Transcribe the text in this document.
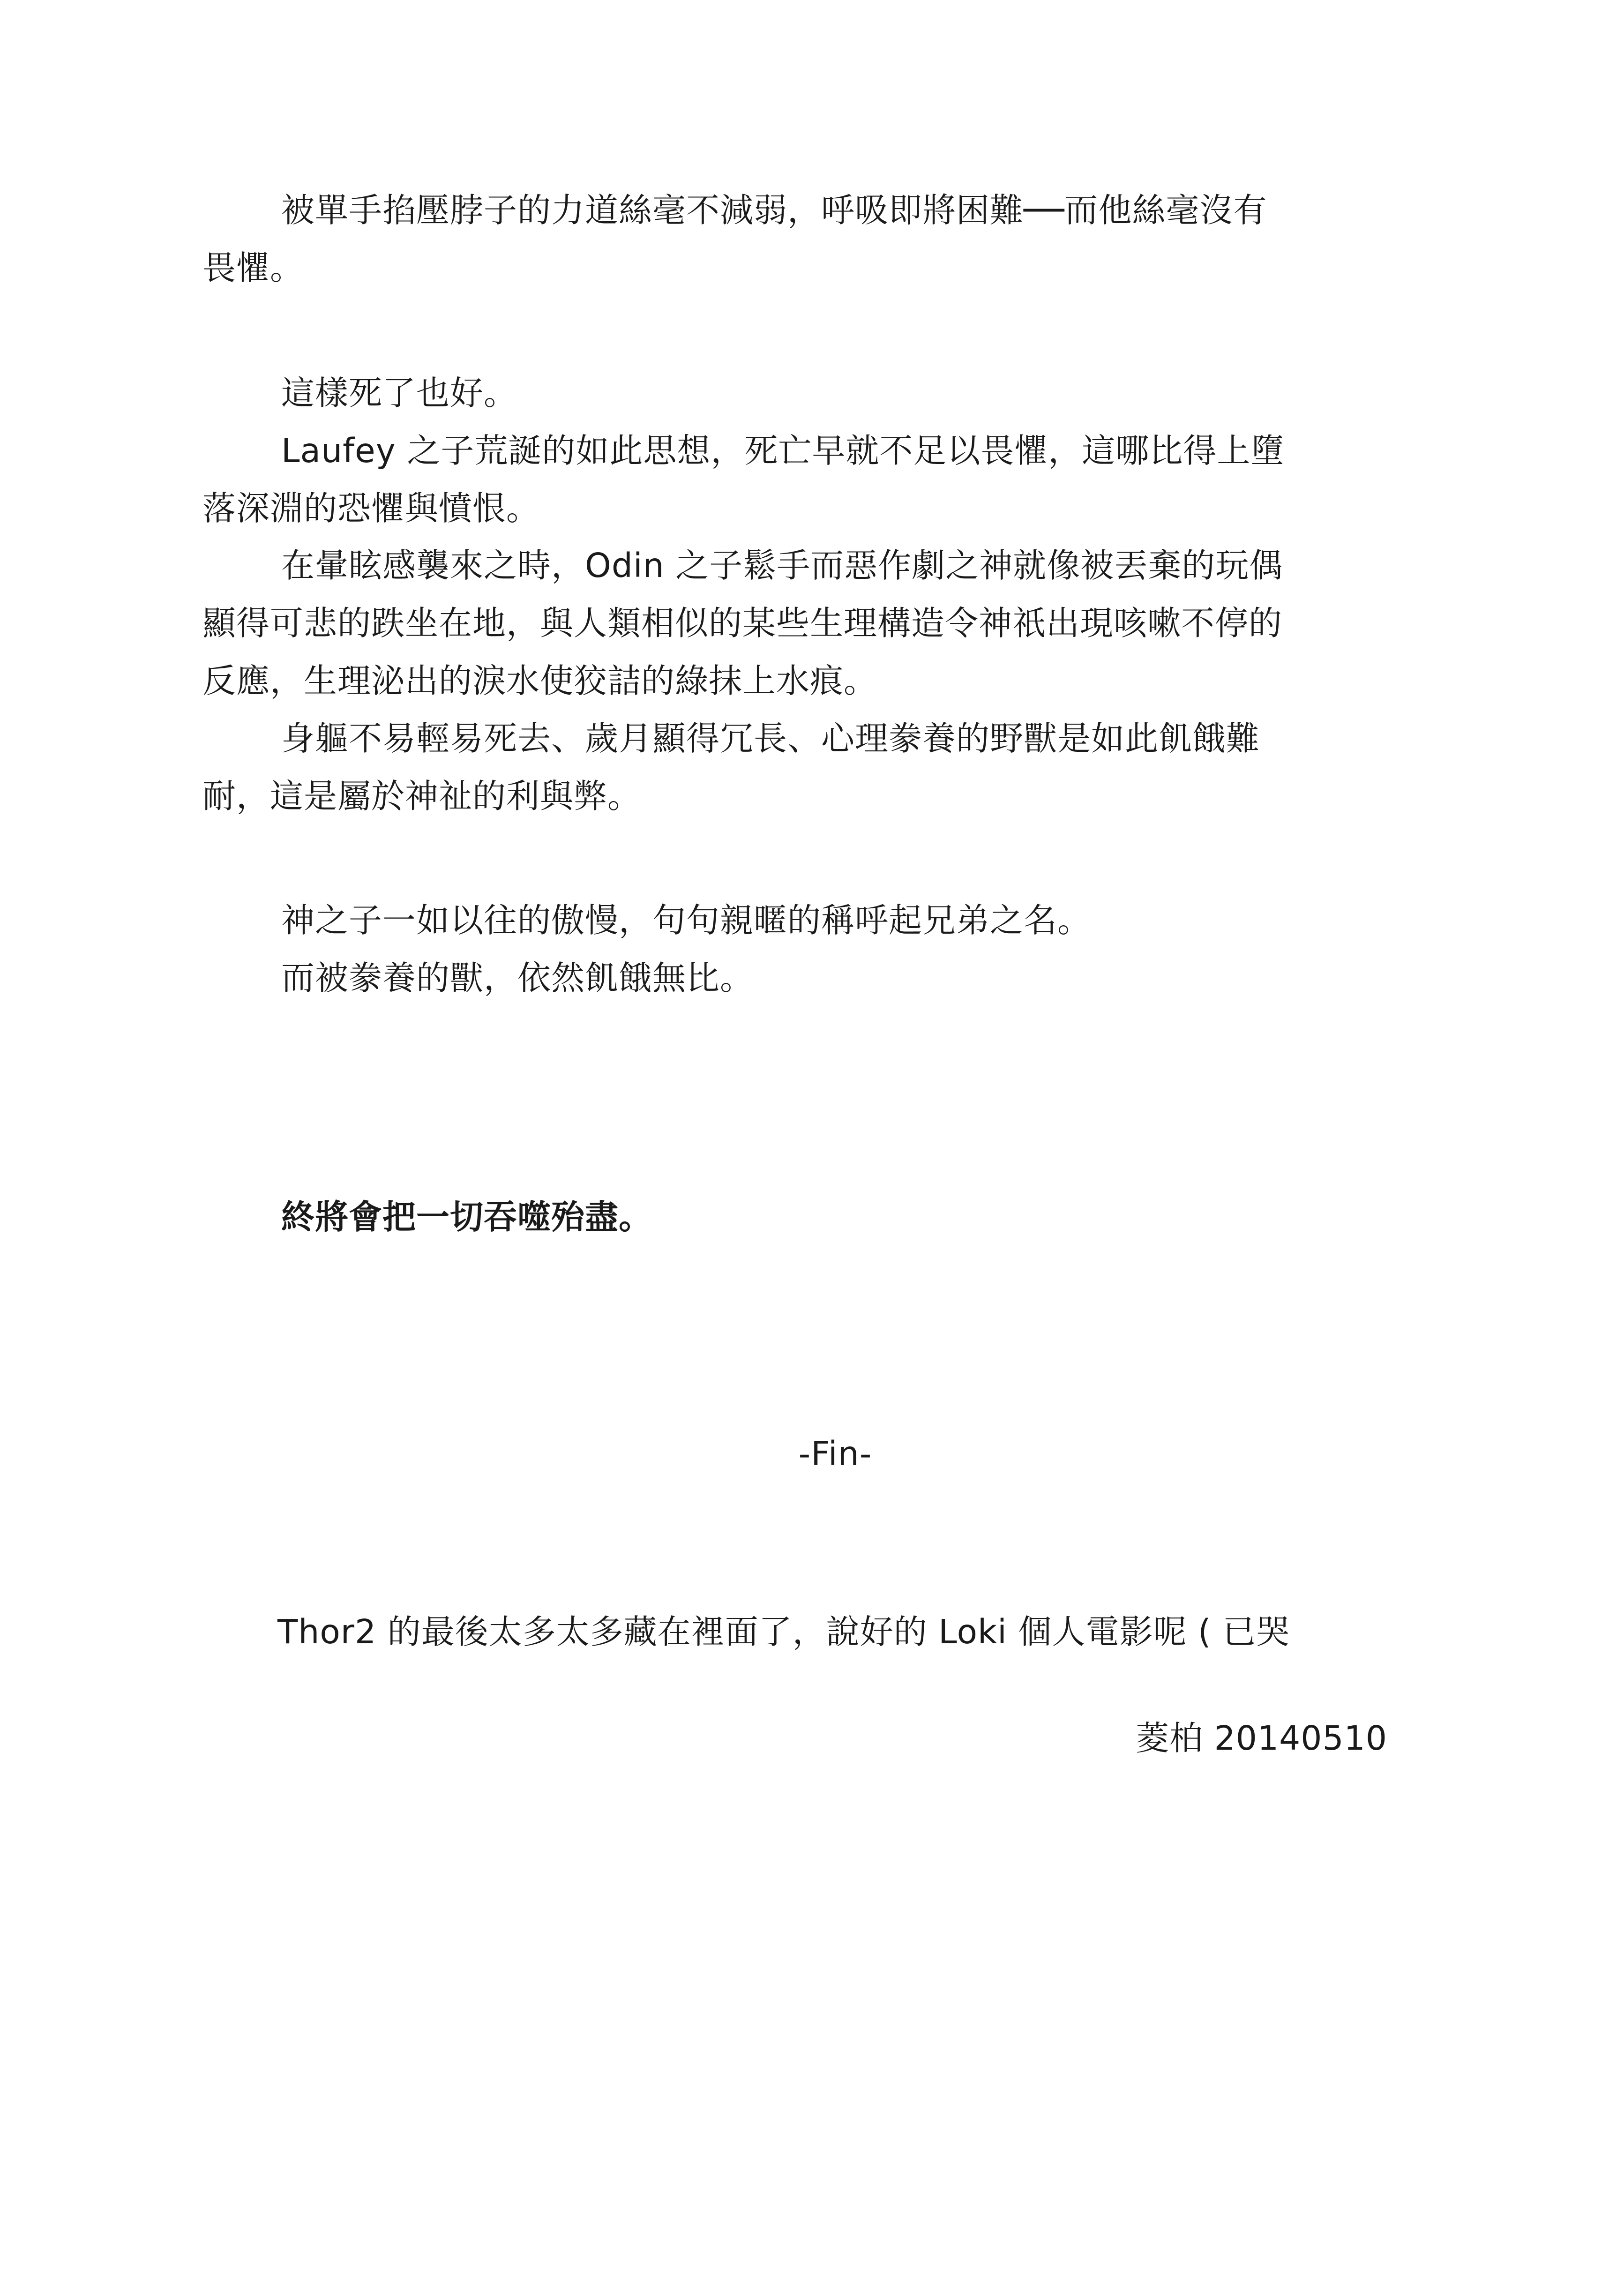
被單手掐壓脖子的力道絲毫不減弱，呼吸即將困難──而他絲毫沒有
畏懼。
這樣死了也好。
Laufey 之子荒誕的如此思想，死亡早就不足以畏懼，這哪比得上墮
落深淵的恐懼與憤恨。
在暈眩感襲來之時，Odin 之子鬆手而惡作劇之神就像被丟棄的玩偶
顯得可悲的跌坐在地，與人類相似的某些生理構造令神祇出現咳嗽不停的
反應，生理泌出的淚水使狡詰的綠抹上水痕。
身軀不易輕易死去、歲月顯得冗長、心理豢養的野獸是如此飢餓難
耐，這是屬於神祉的利與弊。
神之子一如以往的傲慢，句句親暱的稱呼起兄弟之名。
而被豢養的獸，依然飢餓無比。
終將會把一切吞噬殆盡。
-Fin-
Thor2 的最後太多太多藏在裡面了，說好的 Loki 個人電影呢 ( 已哭
菱柏 20140510
